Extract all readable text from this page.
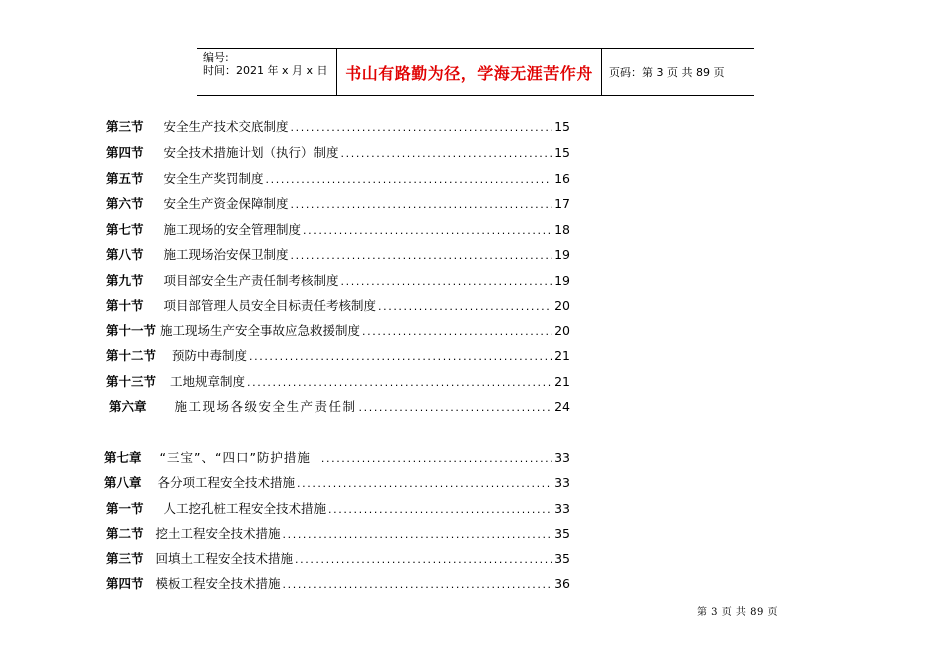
编号:
时间：2021 年 x 月 x 日	书山有路勤为径，学海无涯苦作舟 页码：第 3 页 共 89 页
第三节 安全生产技术交底制度 .....	15
第四节 安全技术措施计划（执行）制度 .....	15
第五节 安全生产奖罚制度 .....	16
第六节 安全生产资金保障制度 .....	17
第七节 施工现场的安全管理制度 .....	18
第八节 施工现场治安保卫制度 .....	19
第九节 项目部安全生产责任制考核制度 .....	19
第十节 项目部管理人员安全目标责任考核制度 .....	20
第十一节 施工现场生产安全事故应急救援制度 .....	20
第十二节 预防中毒制度 .....	21
第十三节 工地规章制度 .....	21
第六章 施工现场各级安全生产责任制 .....	24
第七章 “三宝”、“四口”防护措施 .....	33
第八章 各分项工程安全技术措施 .....	33
第一节 人工挖孔桩工程安全技术措施 .....	33
第二节 挖土工程安全技术措施 .....	35
第三节 回填土工程安全技术措施 .....	35
第四节 模板工程安全技术措施 .....	36
第 3 页 共 89 页
